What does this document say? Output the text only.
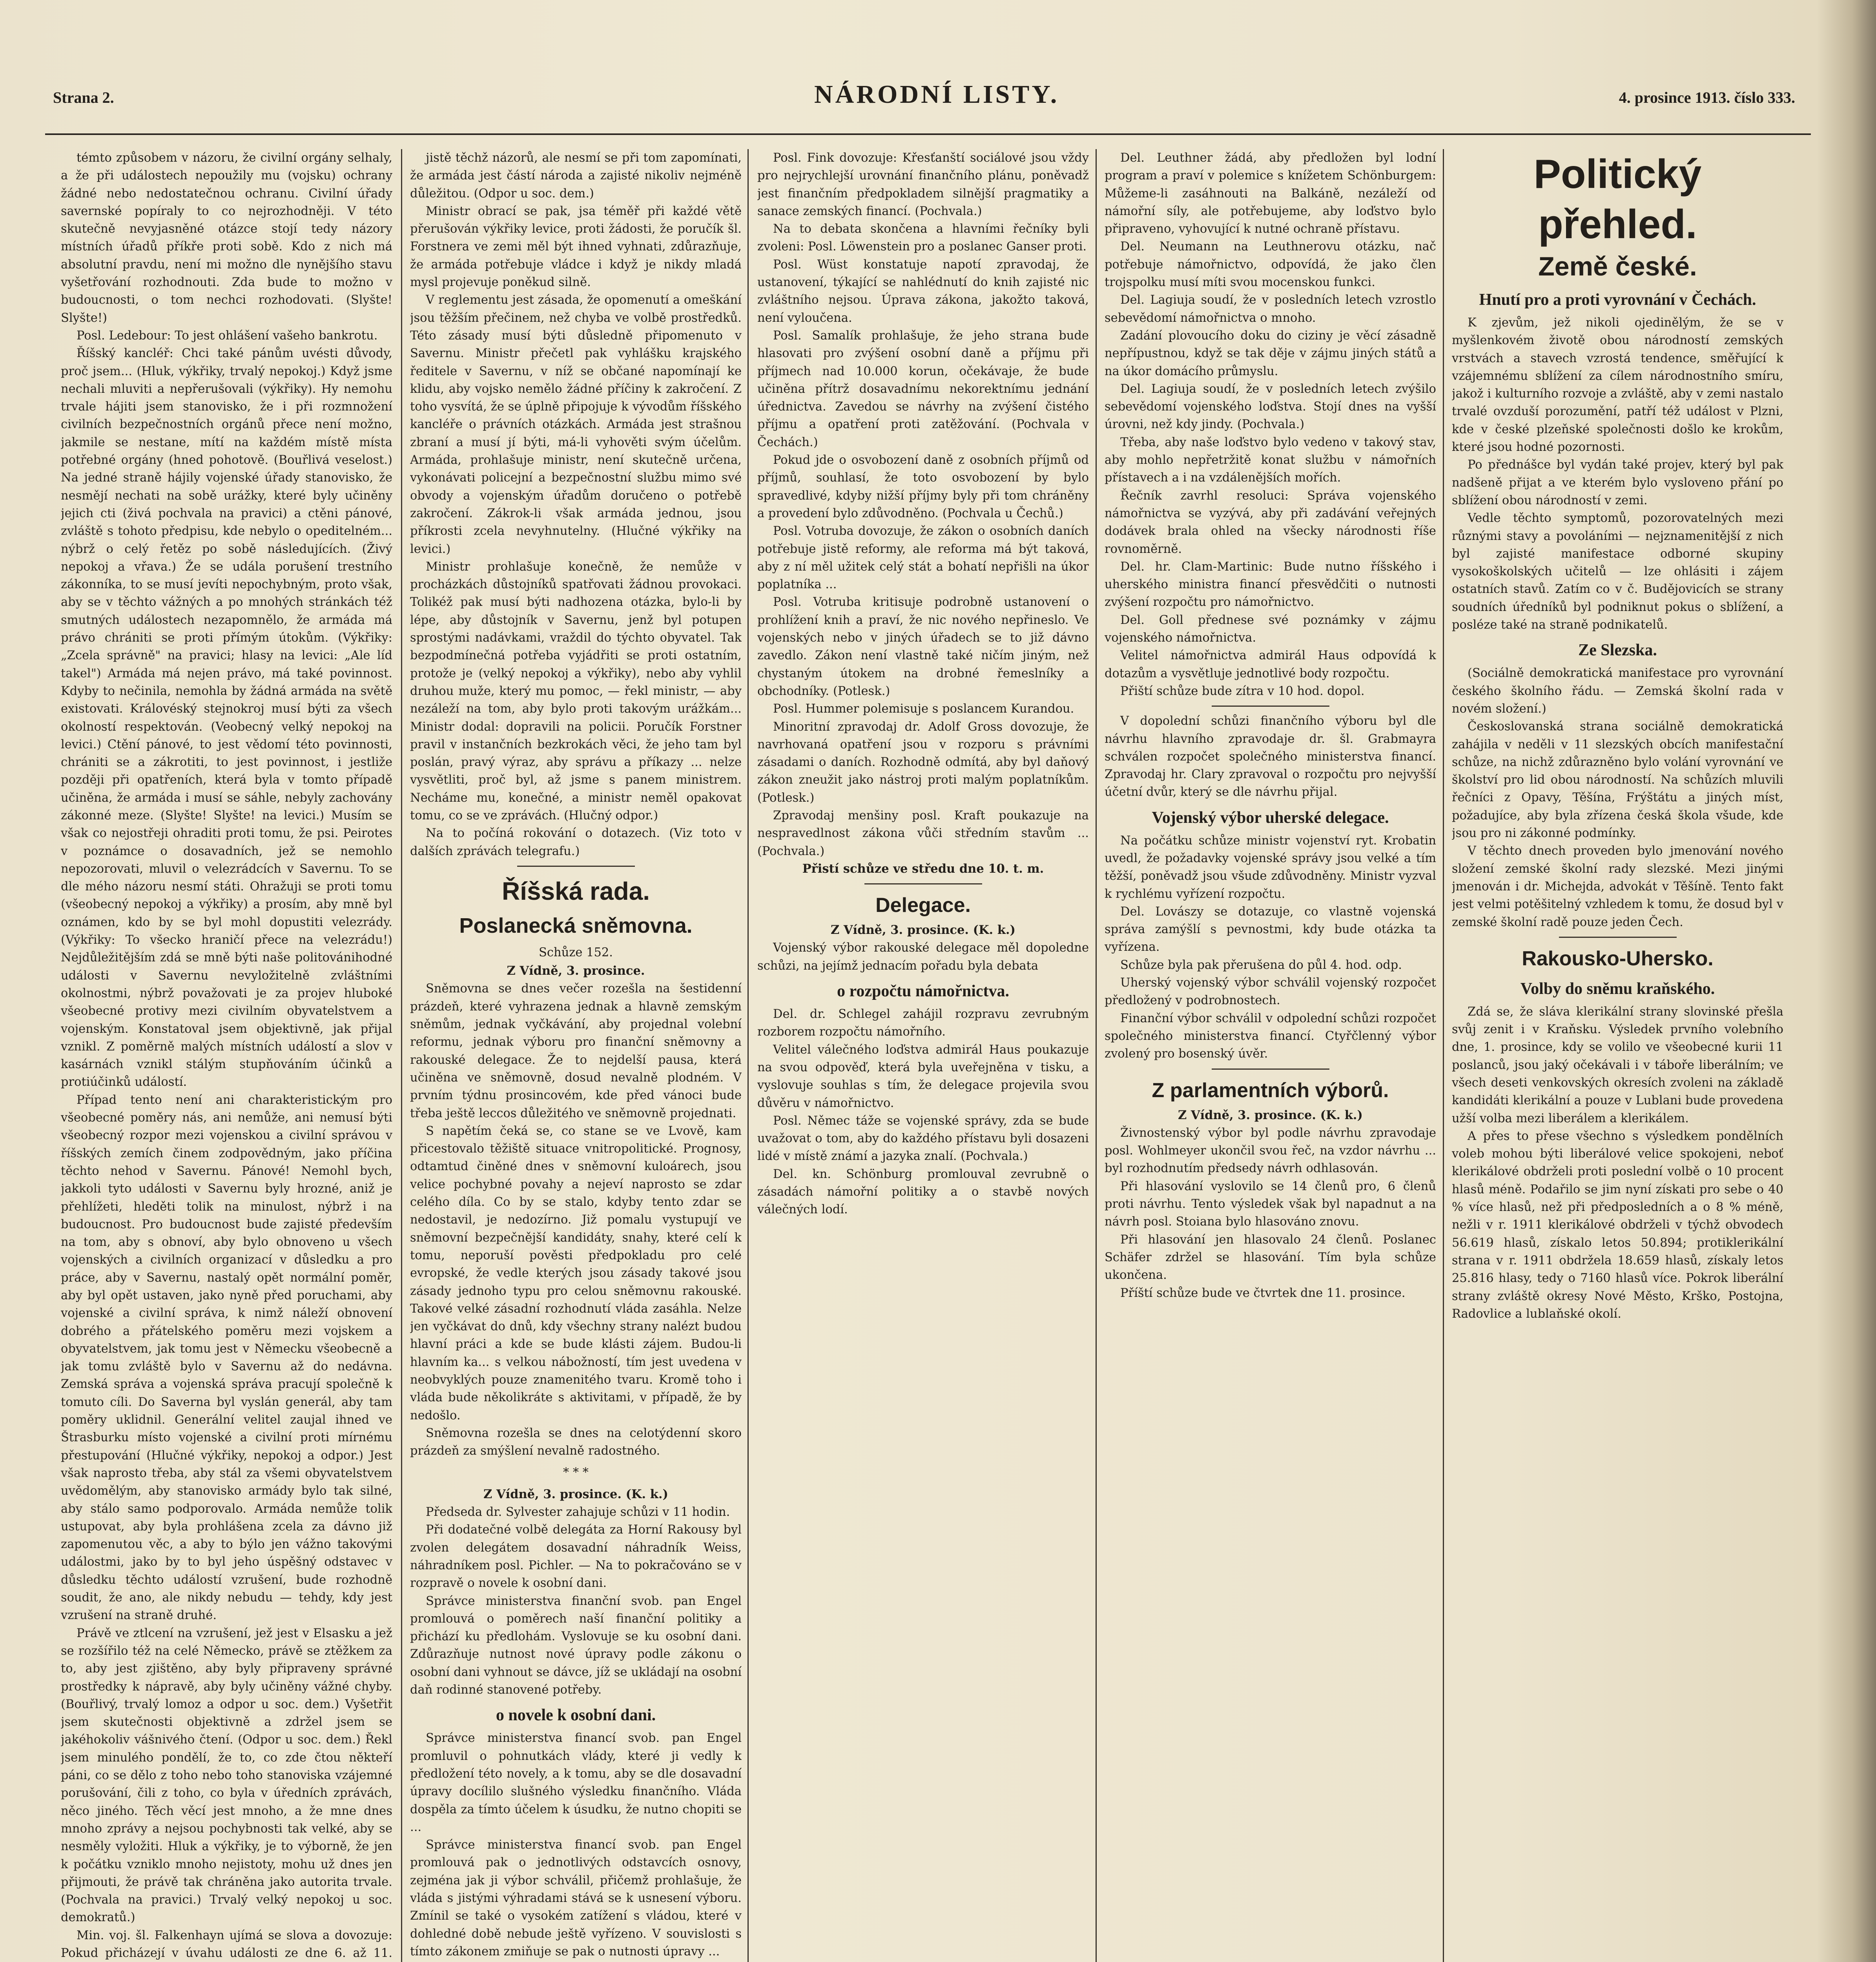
Strana 2.	NÁRODNÍ LISTY.	4. prosince 1913. číslo 333.

témto způsobem v názoru, že civilní orgány selhaly, a že při událostech nepoužily mu (vojsku) ochrany žádné nebo nedostatečnou ochranu. Civilní úřady savernské popíraly to co nejrozhodněji. V této skutečně nevyjasněné otázce stojí tedy názory místních úřadů příkře proti sobě. Kdo z nich má absolutní pravdu, není mi možno dle nynějšího stavu vyšetřování rozhodnouti. Zda bude to možno v budoucnosti, o tom nechci rozhodovati. (Slyšte! Slyšte!)

Posl. Ledebour: To jest ohlášení vašeho bankrotu.

Říšský kancléř: Chci také pánům uvésti důvody, proč jsem... (Hluk, výkřiky, trvalý nepokoj.) Když jsme nechali mluviti a nepřerušovali (výkřiky). Hy nemohu trvale hájiti jsem stanovisko, že i při rozmnožení civilních bezpečnostních orgánů přece není možno, jakmile se nestane, mítí na každém místě místa potřebné orgány (hned pohotově. (Bouřlivá veselost.) Na jedné straně hájily vojenské úřady stanovisko, že nesmějí nechati na sobě urážky, které byly učiněny jejich cti (živá pochvala na pravici) a ctěni pánové, zvláště s tohoto předpisu, kde nebylo o opeditelném... nýbrž o celý řetěz po sobě následujících. (Živý nepokoj a vřava.) Že se udála porušení trestního zákonníka, to se musí jevíti nepochybným, proto však, aby se v těchto vážných a po mnohých stránkách též smutných událostech nezapomnělo, že armáda má právo chrániti se proti přímým útokům. (Výkřiky: „Zcela správně" na pravici; hlasy na levici: „Ale líd takel") Armáda má nejen právo, má také povinnost. Kdyby to nečinila, nemohla by žádná armáda na světě existovati. Královéský stejnokroj musí býti za všech okolností respektován. (Veobecný velký nepokoj na levici.) Ctění pánové, to jest vědomí této povinnosti, chrániti se a zákrotiti, to jest povinnost, i jestliže později při opatřeních, která byla v tomto případě učiněna, že armáda i musí se sáhle, nebyly zachovány zákonné meze. (Slyšte! Slyšte! na levici.) Musím se však co nejostřeji ohraditi proti tomu, že psi. Peirotes v poznámce o dosavadních, jež se nemohlo nepozorovati, mluvil o velezrádcích v Savernu. To se dle mého názoru nesmí státi. Ohražuji se proti tomu (všeobecný nepokoj a výkřiky) a prosím, aby mně byl oznámen, kdo by se byl mohl dopustiti velezrády. (Výkřiky: To všecko hraničí přece na velezrádu!) Nejdůležitějším zdá se mně býti naše politovánihodné události v Savernu nevyložitelně zvláštními okolnostmi, nýbrž považovati je za projev hluboké všeobecné protivy mezi civilním obyvatelstvem a vojenským. Konstatoval jsem objektivně, jak přijal vznikl. Z poměrně malých místních událostí a slov v kasárnách vznikl stálým stupňováním účinků a protiúčinků událostí.

Případ tento není ani charakteristickým pro všeobecné poměry nás, ani nemůže, ani nemusí býti všeobecný rozpor mezi vojenskou a civilní správou v říšských zemích činem zodpovědným, jako příčina těchto nehod v Savernu. Pánové! Nemohl bych, jakkoli tyto události v Savernu byly hrozné, aniž je přehlížeti, hleděti tolik na minulost, nýbrž i na budoucnost. Pro budoucnost bude zajisté především na tom, aby s obnoví, aby bylo obnoveno u všech vojenských a civilních organizací v důsledku a pro práce, aby v Savernu, nastalý opět normální poměr, aby byl opět ustaven, jako nyně před poruchami, aby vojenské a civilní správa, k nimž náleží obnovení dobrého a přátelského poměru mezi vojskem a obyvatelstvem, jak tomu jest v Německu všeobecně a jak tomu zvláště bylo v Savernu až do nedávna. Zemská správa a vojenská správa pracují společně k tomuto cíli. Do Saverna byl vyslán generál, aby tam poměry uklidnil. Generální velitel zaujal ihned ve Štrasburku místo vojenské a civilní proti mírnému přestupování (Hlučné výkřiky, nepokoj a odpor.) Jest však naprosto třeba, aby stál za všemi obyvatelstvem uvědomělým, aby stanovisko armády bylo tak silné, aby stálo samo podporovalo. Armáda nemůže tolik ustupovat, aby byla prohlášena zcela za dávno již zapomenutou věc, a aby to býlo jen vážno takovými událostmi, jako by to byl jeho úspěšný odstavec v důsledku těchto událostí vzrušení, bude rozhodně soudit, že ano, ale nikdy nebudu — tehdy, kdy jest vzrušení na straně druhé.

Právě ve ztlcení na vzrušení, jež jest v Elsasku a jež se rozšířilo též na celé Německo, právě se ztěžkem za to, aby jest zjištěno, aby byly připraveny správné prostředky k nápravě, aby byly učiněny vážné chyby. (Bouřlivý, trvalý lomoz a odpor u soc. dem.) Vyšetřit jsem skutečnosti objektivně a zdržel jsem se jakéhokoliv vášnivého čtení. (Odpor u soc. dem.) Řekl jsem minulého pondělí, že to, co zde čtou někteří páni, co se dělo z toho nebo toho stanoviska vzájemné porušování, čili z toho, co byla v úředních zprávách, něco jiného. Těch věcí jest mnoho, a že mne dnes mnoho zprávy a nejsou pochybnosti tak velké, aby se nesměly vyložiti. Hluk a výkřiky, je to výborně, že jen k počátku vzniklo mnoho nejistoty, mohu už dnes jen přijmouti, že právě tak chráněna jako autorita trvale. (Pochvala na pravici.) Trvalý velký nepokoj u soc. demokratů.)

Min. voj. šl. Falkenhayn ujímá se slova a dovozuje: Pokud přicházejí v úvahu události ze dne 6. až 11.

jistě těchž názorů, ale nesmí se při tom zapomínati, že armáda jest částí národa a zajisté nikoliv nejméně důležitou. (Odpor u soc. dem.)

Ministr obrací se pak, jsa téměř při každé větě přerušován výkřiky levice, proti žádosti, že poručík šl. Forstnera ve zemi měl být ihned vyhnati, zdůrazňuje, že armáda potřebuje vládce i když je nikdy mladá mysl projevuje poněkud silně.

V reglementu jest zásada, že opomenutí a omeškání jsou těžším přečinem, než chyba ve volbě prostředků. Této zásady musí býti důsledně připomenuto v Savernu. Ministr přečetl pak vyhlášku krajského ředitele v Savernu, v níž se občané napomínají ke klidu, aby vojsko nemělo žádné příčiny k zakročení. Z toho vysvítá, že se úplně připojuje k vývodům říšského kancléře o právních otázkách. Armáda jest strašnou zbraní a musí jí býti, má-li vyhověti svým účelům. Armáda, prohlašuje ministr, není skutečně určena, vykonávati policejní a bezpečnostní službu mimo své obvody a vojenským úřadům doručeno o potřebě zakročení. Zákrok-li však armáda jednou, jsou příkrosti zcela nevyhnutelny. (Hlučné výkřiky na levici.)

Ministr prohlašuje konečně, že nemůže v procházkách důstojníků spatřovati žádnou provokaci. Tolikéž pak musí býti nadhozena otázka, bylo-li by lépe, aby důstojník v Savernu, jenž byl potupen sprostými nadávkami, vraždil do týchto obyvatel. Tak bezpodmínečná potřeba vyjádřiti se proti ostatním, protože je (velký nepokoj a výkřiky), nebo aby vyhlil druhou muže, který mu pomoc, — řekl ministr, — aby nezáleží na tom, aby bylo proti takovým urážkám... Ministr dodal: dopravili na policii. Poručík Forstner pravil v instančních bezkrokách věci, že jeho tam byl poslán, pravý výraz, aby správu a příkazy ... nelze vysvětliti, proč byl, až jsme s panem ministrem. Necháme mu, konečné, a ministr neměl opakovat tomu, co se ve zprávách. (Hlučný odpor.)

Na to počíná rokování o dotazech. (Viz toto v dalších zprávách telegrafu.)

Říšská rada.
Poslanecká sněmovna.

Schůze 152.

Z Vídně, 3. prosince.

Sněmovna se dnes večer rozešla na šestidenní prázdeň, které vyhrazena jednak a hlavně zemským sněmům, jednak vyčkávání, aby projednal volební reformu, jednak výboru pro finanční sněmovny a rakouské delegace. Že to nejdelší pausa, která učiněna ve sněmovně, dosud nevalně plodném. V prvním týdnu prosincovém, kde před vánoci bude třeba ještě leccos důležitého ve sněmovně projednati.

S napětím čeká se, co stane se ve Lvově, kam přicestovalo těžiště situace vnitropolitické. Prognosy, odtamtud činěné dnes v sněmovní kuloárech, jsou velice pochybné povahy a nejeví naprosto se zdar celého díla. Co by se stalo, kdyby tento zdar se nedostavil, je nedozírno. Již pomalu vystupují ve sněmovní bezpečnější kandidáty, snahy, které celí k tomu, neporuší pověsti předpokladu pro celé evropské, že vedle kterých jsou zásady takové jsou zásady jednoho typu pro celou sněmovnu rakouské. Takové velké zásadní rozhodnutí vláda zasáhla. Nelze jen vyčkávat do dnů, kdy všechny strany nalézt budou hlavní práci a kde se bude klásti zájem. Budou-li hlavním ka... s velkou nábožností, tím jest uvedena v neobvyklých pouze znamenitého tvaru. Kromě toho i vláda bude několikráte s aktivitami, v případě, že by nedošlo.

Sněmovna rozešla se dnes na celotýdenní skoro prázdeň za smýšlení nevalně radostného.

* * *

Z Vídně, 3. prosince. (K. k.)

Předseda dr. Sylvester zahajuje schůzi v 11 hodin.

Při dodatečné volbě delegáta za Horní Rakousy byl zvolen delegátem dosavadní náhradník Weiss, náhradníkem posl. Pichler. — Na to pokračováno se v rozpravě o novele k osobní dani.

Správce ministerstva finanční svob. pan Engel promlouvá o poměrech naší finanční politiky a přichází ku předlohám. Vyslovuje se ku osobní dani. Zdůrazňuje nutnost nové úpravy podle zákonu o osobní dani vyhnout se dávce, jíž se ukládají na osobní daň rodinné stanovené potřeby.

o novele k osobní dani.

Správce ministerstva financí svob. pan Engel promluvil o pohnutkách vlády, které ji vedly k předložení této novely, a k tomu, aby se dle dosavadní úpravy docílilo slušného výsledku finančního. Vláda dospěla za tímto účelem k úsudku, že nutno chopiti se ...

Správce ministerstva financí svob. pan Engel promlouvá pak o jednotlivých odstavcích osnovy, zejména jak ji výbor schválil, přičemž prohlašuje, že vláda s jistými výhradami stává se k usnesení výboru. Zmínil se také o vysokém zatížení s vládou, které v dohledné době nebude ještě vyřízeno. V souvislosti s tímto zákonem zmiňuje se pak o nutnosti úpravy ...

Posl. Fink dovozuje: Křesťanští sociálové jsou vždy pro nejrychlejší urovnání finančního plánu, poněvadž jest finančním předpokladem silnější pragmatiky a sanace zemských financí. (Pochvala.)

Na to debata skončena a hlavními řečníky byli zvoleni: Posl. Löwenstein pro a poslanec Ganser proti.

Posl. Wüst konstatuje napotí zpravodaj, že ustanovení, týkající se nahlédnutí do knih zajisté nic zvláštního nejsou. Úprava zákona, jakožto taková, není vyloučena.

Posl. Samalík prohlašuje, že jeho strana bude hlasovati pro zvýšení osobní daně a příjmu při příjmech nad 10.000 korun, očekávaje, že bude učiněna přítrž dosavadnímu nekorektnímu jednání úřednictva. Zavedou se návrhy na zvýšení čistého příjmu a opatření proti zatěžování. (Pochvala v Čechách.)

Pokud jde o osvobození daně z osobních příjmů od příjmů, souhlasí, že toto osvobození by bylo spravedlivé, kdyby nižší příjmy byly při tom chráněny a provedení bylo zdůvodněno. (Pochvala u Čechů.)

Posl. Votruba dovozuje, že zákon o osobních daních potřebuje jistě reformy, ale reforma má být taková, aby z ní měl užitek celý stát a bohatí nepřišli na úkor poplatníka ...

Posl. Votruba kritisuje podrobně ustanovení o prohlížení knih a praví, že nic nového nepřineslo. Ve vojenských nebo v jiných úřadech se to již dávno zavedlo. Zákon není vlastně také ničím jiným, než chystaným útokem na drobné řemeslníky a obchodníky. (Potlesk.)

Posl. Hummer polemisuje s poslancem Kurandou.

Minoritní zpravodaj dr. Adolf Gross dovozuje, že navrhovaná opatření jsou v rozporu s právními zásadami o daních. Rozhodně odmítá, aby byl daňový zákon zneužit jako nástroj proti malým poplatníkům. (Potlesk.)

Zpravodaj menšiny posl. Kraft poukazuje na nespravedlnost zákona vůči středním stavům ... (Pochvala.)

Přistí schůze ve středu dne 10. t. m.

Delegace.

Z Vídně, 3. prosince. (K. k.)

Vojenský výbor rakouské delegace měl dopoledne schůzi, na jejímž jednacím pořadu byla debata

o rozpočtu námořnictva.

Del. dr. Schlegel zahájil rozpravu zevrubným rozborem rozpočtu námořního.

Velitel válečného loďstva admirál Haus poukazuje na svou odpověď, která byla uveřejněna v tisku, a vyslovuje souhlas s tím, že delegace projevila svou důvěru v námořnictvo.

Posl. Němec táže se vojenské správy, zda se bude uvažovat o tom, aby do každého přístavu byli dosazeni lidé v místě známí a jazyka znalí. (Pochvala.)

Del. kn. Schönburg promlouval zevrubně o zásadách námořní politiky a o stavbě nových válečných lodí.

Del. Leuthner žádá, aby předložen byl lodní program a praví v polemice s knížetem Schönburgem: Můžeme-li zasáhnouti na Balkáně, nezáleží od námořní síly, ale potřebujeme, aby loďstvo bylo připraveno, vyhovující k nutné ochraně přístavu.

Del. Neumann na Leuthnerovu otázku, nač potřebuje námořnictvo, odpovídá, že jako člen trojspolku musí míti svou mocenskou funkci.

Del. Lagiuja soudí, že v posledních letech vzrostlo sebevědomí námořnictva o mnoho.

Zadání plovoucího doku do ciziny je věcí zásadně nepřípustnou, když se tak děje v zájmu jiných států a na úkor domácího průmyslu.

Del. Lagiuja soudí, že v posledních letech zvýšilo sebevědomí vojenského loďstva. Stojí dnes na vyšší úrovni, než kdy jindy. (Pochvala.)

Třeba, aby naše loďstvo bylo vedeno v takový stav, aby mohlo nepřetržitě konat službu v námořních přístavech a i na vzdálenějších mořích.

Řečník zavrhl resoluci: Správa vojenského námořnictva se vyzývá, aby při zadávání veřejných dodávek brala ohled na všecky národnosti říše rovnoměrně.

Del. hr. Clam-Martinic: Bude nutno říšského i uherského ministra financí přesvědčiti o nutnosti zvýšení rozpočtu pro námořnictvo.

Del. Goll přednese své poznámky v zájmu vojenského námořnictva.

Velitel námořnictva admirál Haus odpovídá k dotazům a vysvětluje jednotlivé body rozpočtu.

Přiští schůze bude zítra v 10 hod. dopol.

V dopolední schůzi finančního výboru byl dle návrhu hlavního zpravodaje dr. šl. Grabmayra schválen rozpočet společného ministerstva financí. Zpravodaj hr. Clary zpravoval o rozpočtu pro nejvyšší účetní dvůr, který se dle návrhu přijal.

Vojenský výbor uherské delegace.

Na počátku schůze ministr vojenství ryt. Krobatin uvedl, že požadavky vojenské správy jsou velké a tím těžší, poněvadž jsou všude zdůvodněny. Ministr vyzval k rychlému vyřízení rozpočtu.

Del. Lovászy se dotazuje, co vlastně vojenská správa zamýšlí s pevnostmi, kdy bude otázka ta vyřízena.

Schůze byla pak přerušena do půl 4. hod. odp.

Uherský vojenský výbor schválil vojenský rozpočet předložený v podrobnostech.

Finanční výbor schválil v odpolední schůzi rozpočet společného ministerstva financí. Ctyřčlenný výbor zvolený pro bosenský úvěr.

Z parlamentních výborů.

Z Vídně, 3. prosince. (K. k.)

Živnostenský výbor byl podle návrhu zpravodaje posl. Wohlmeyer ukončil svou řeč, na vzdor návrhu ... byl rozhodnutím předsedy návrh odhlasován.

Při hlasování vyslovilo se 14 členů pro, 6 členů proti návrhu. Tento výsledek však byl napadnut a na návrh posl. Stoiana bylo hlasováno znovu.

Při hlasování jen hlasovalo 24 členů. Poslanec Schäfer zdržel se hlasování. Tím byla schůze ukončena.

Příští schůze bude ve čtvrtek dne 11. prosince.

Politický přehled.
Země české.
Hnutí pro a proti vyrovnání v Čechách.

K zjevům, jež nikoli ojedinělým, že se v myšlenkovém životě obou národností zemských vrstvách a stavech vzrostá tendence, směřující k vzájemnému sblížení za cílem národnostního smíru, jakož i kulturního rozvoje a zvláště, aby v zemi nastalo trvalé ovzduší porozumění, patří též událost v Plzni, kde v české plzeňské společnosti došlo ke krokům, které jsou hodné pozornosti.

Po přednášce byl vydán také projev, který byl pak nadšeně přijat a ve kterém bylo vysloveno přání po sblížení obou národností v zemi.

Vedle těchto symptomů, pozorovatelných mezi různými stavy a povoláními — nejznamenitější z nich byl zajisté manifestace odborné skupiny vysokoškolských učitelů — lze ohlásiti i zájem ostatních stavů. Zatím co v č. Budějovicích se strany soudních úředníků byl podniknut pokus o sblížení, a posléze také na straně podnikatelů.

Ze Slezska.

(Sociálně demokratická manifestace pro vyrovnání českého školního řádu. — Zemská školní rada v novém složení.)

Českoslovanská strana sociálně demokratická zahájila v neděli v 11 slezských obcích manifestační schůze, na nichž zdůrazněno bylo volání vyrovnání ve školství pro lid obou národností. Na schůzích mluvili řečníci z Opavy, Těšína, Frýštátu a jiných míst, požadujíce, aby byla zřízena česká škola všude, kde jsou pro ni zákonné podmínky.

V těchto dnech proveden bylo jmenování nového složení zemské školní rady slezské. Mezi jinými jmenován i dr. Michejda, advokát v Těšíně. Tento fakt jest velmi potěšitelný vzhledem k tomu, že dosud byl v zemské školní radě pouze jeden Čech.

Rakousko-Uhersko.
Volby do sněmu kraňského.

Zdá se, že sláva klerikální strany slovinské přešla svůj zenit i v Kraňsku. Výsledek prvního volebního dne, 1. prosince, kdy se volilo ve všeobecné kurii 11 poslanců, jsou jaký očekávali i v táboře liberálním; ve všech deseti venkovských okresích zvoleni na základě kandidáti klerikální a pouze v Lublani bude provedena užší volba mezi liberálem a klerikálem.

A přes to přese všechno s výsledkem pondělních voleb mohou býti liberálové velice spokojeni, neboť klerikálové obdrželi proti poslední volbě o 10 procent hlasů méně. Podařilo se jim nyní získati pro sebe o 40 % více hlasů, než při předposledních a o 8 % méně, nežli v r. 1911 klerikálové obdrželi v týchž obvodech 56.619 hlasů, získalo letos 50.894; protiklerikální strana v r. 1911 obdržela 18.659 hlasů, získaly letos 25.816 hlasy, tedy o 7160 hlasů více. Pokrok liberální strany zvláště okresy Nové Město, Krško, Postojna, Radovlice a lublaňské okolí.
